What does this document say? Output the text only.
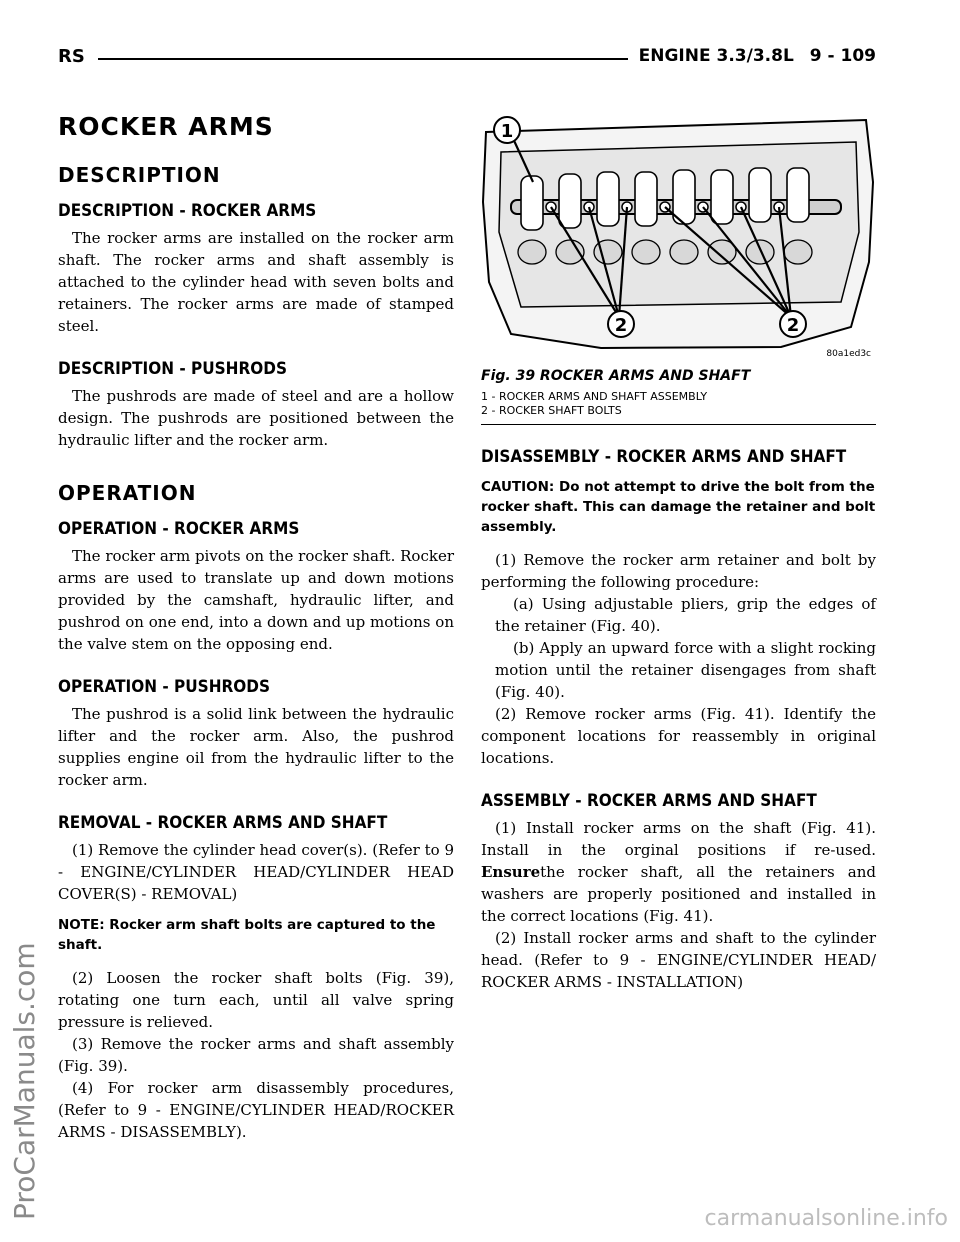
RS	ENGINE 3.3/3.8L 9 - 109
ProCarManuals.com
ROCKER ARMS
DESCRIPTION
DESCRIPTION - ROCKER ARMS

The rocker arms are installed on the rocker arm shaft. The rocker arms and shaft assembly is attached to the cylinder head with seven bolts and retainers. The rocker arms are made of stamped steel.

DESCRIPTION - PUSHRODS

The pushrods are made of steel and are a hollow design. The pushrods are positioned between the hydraulic lifter and the rocker arm.

OPERATION
OPERATION - ROCKER ARMS

The rocker arm pivots on the rocker shaft. Rocker arms are used to translate up and down motions provided by the camshaft, hydraulic lifter, and pushrod on one end, into a down and up motions on the valve stem on the opposing end.

OPERATION - PUSHRODS

The pushrod is a solid link between the hydraulic lifter and the rocker arm. Also, the pushrod supplies engine oil from the hydraulic lifter to the rocker arm.

REMOVAL - ROCKER ARMS AND SHAFT

(1) Remove the cylinder head cover(s). (Refer to 9 - ENGINE/CYLINDER HEAD/CYLINDER HEAD COVER(S) - REMOVAL)

NOTE: Rocker arm shaft bolts are captured to the shaft.

(2) Loosen the rocker shaft bolts (Fig. 39), rotating one turn each, until all valve spring pressure is relieved.

(3) Remove the rocker arms and shaft assembly (Fig. 39).

(4) For rocker arm disassembly procedures, (Refer to 9 - ENGINE/CYLINDER HEAD/ROCKER ARMS - DISASSEMBLY).

1
2	2
80a1ed3c
Fig. 39 ROCKER ARMS AND SHAFT
1 - ROCKER ARMS AND SHAFT ASSEMBLY
2 - ROCKER SHAFT BOLTS
DISASSEMBLY - ROCKER ARMS AND SHAFT

CAUTION: Do not attempt to drive the bolt from the rocker shaft. This can damage the retainer and bolt assembly.

(1) Remove the rocker arm retainer and bolt by performing the following procedure:

(a) Using adjustable pliers, grip the edges of the retainer (Fig. 40).

(b) Apply an upward force with a slight rocking motion until the retainer disengages from shaft (Fig. 40).

(2) Remove rocker arms (Fig. 41). Identify the component locations for reassembly in original locations.

ASSEMBLY - ROCKER ARMS AND SHAFT

(1) Install rocker arms on the shaft (Fig. 41). Install in the orginal positions if re-used. Ensurethe rocker shaft, all the retainers and washers are properly positioned and installed in the correct locations (Fig. 41).

(2) Install rocker arms and shaft to the cylinder head. (Refer to 9 - ENGINE/CYLINDER HEAD/ ROCKER ARMS - INSTALLATION)

carmanualsonline.info
